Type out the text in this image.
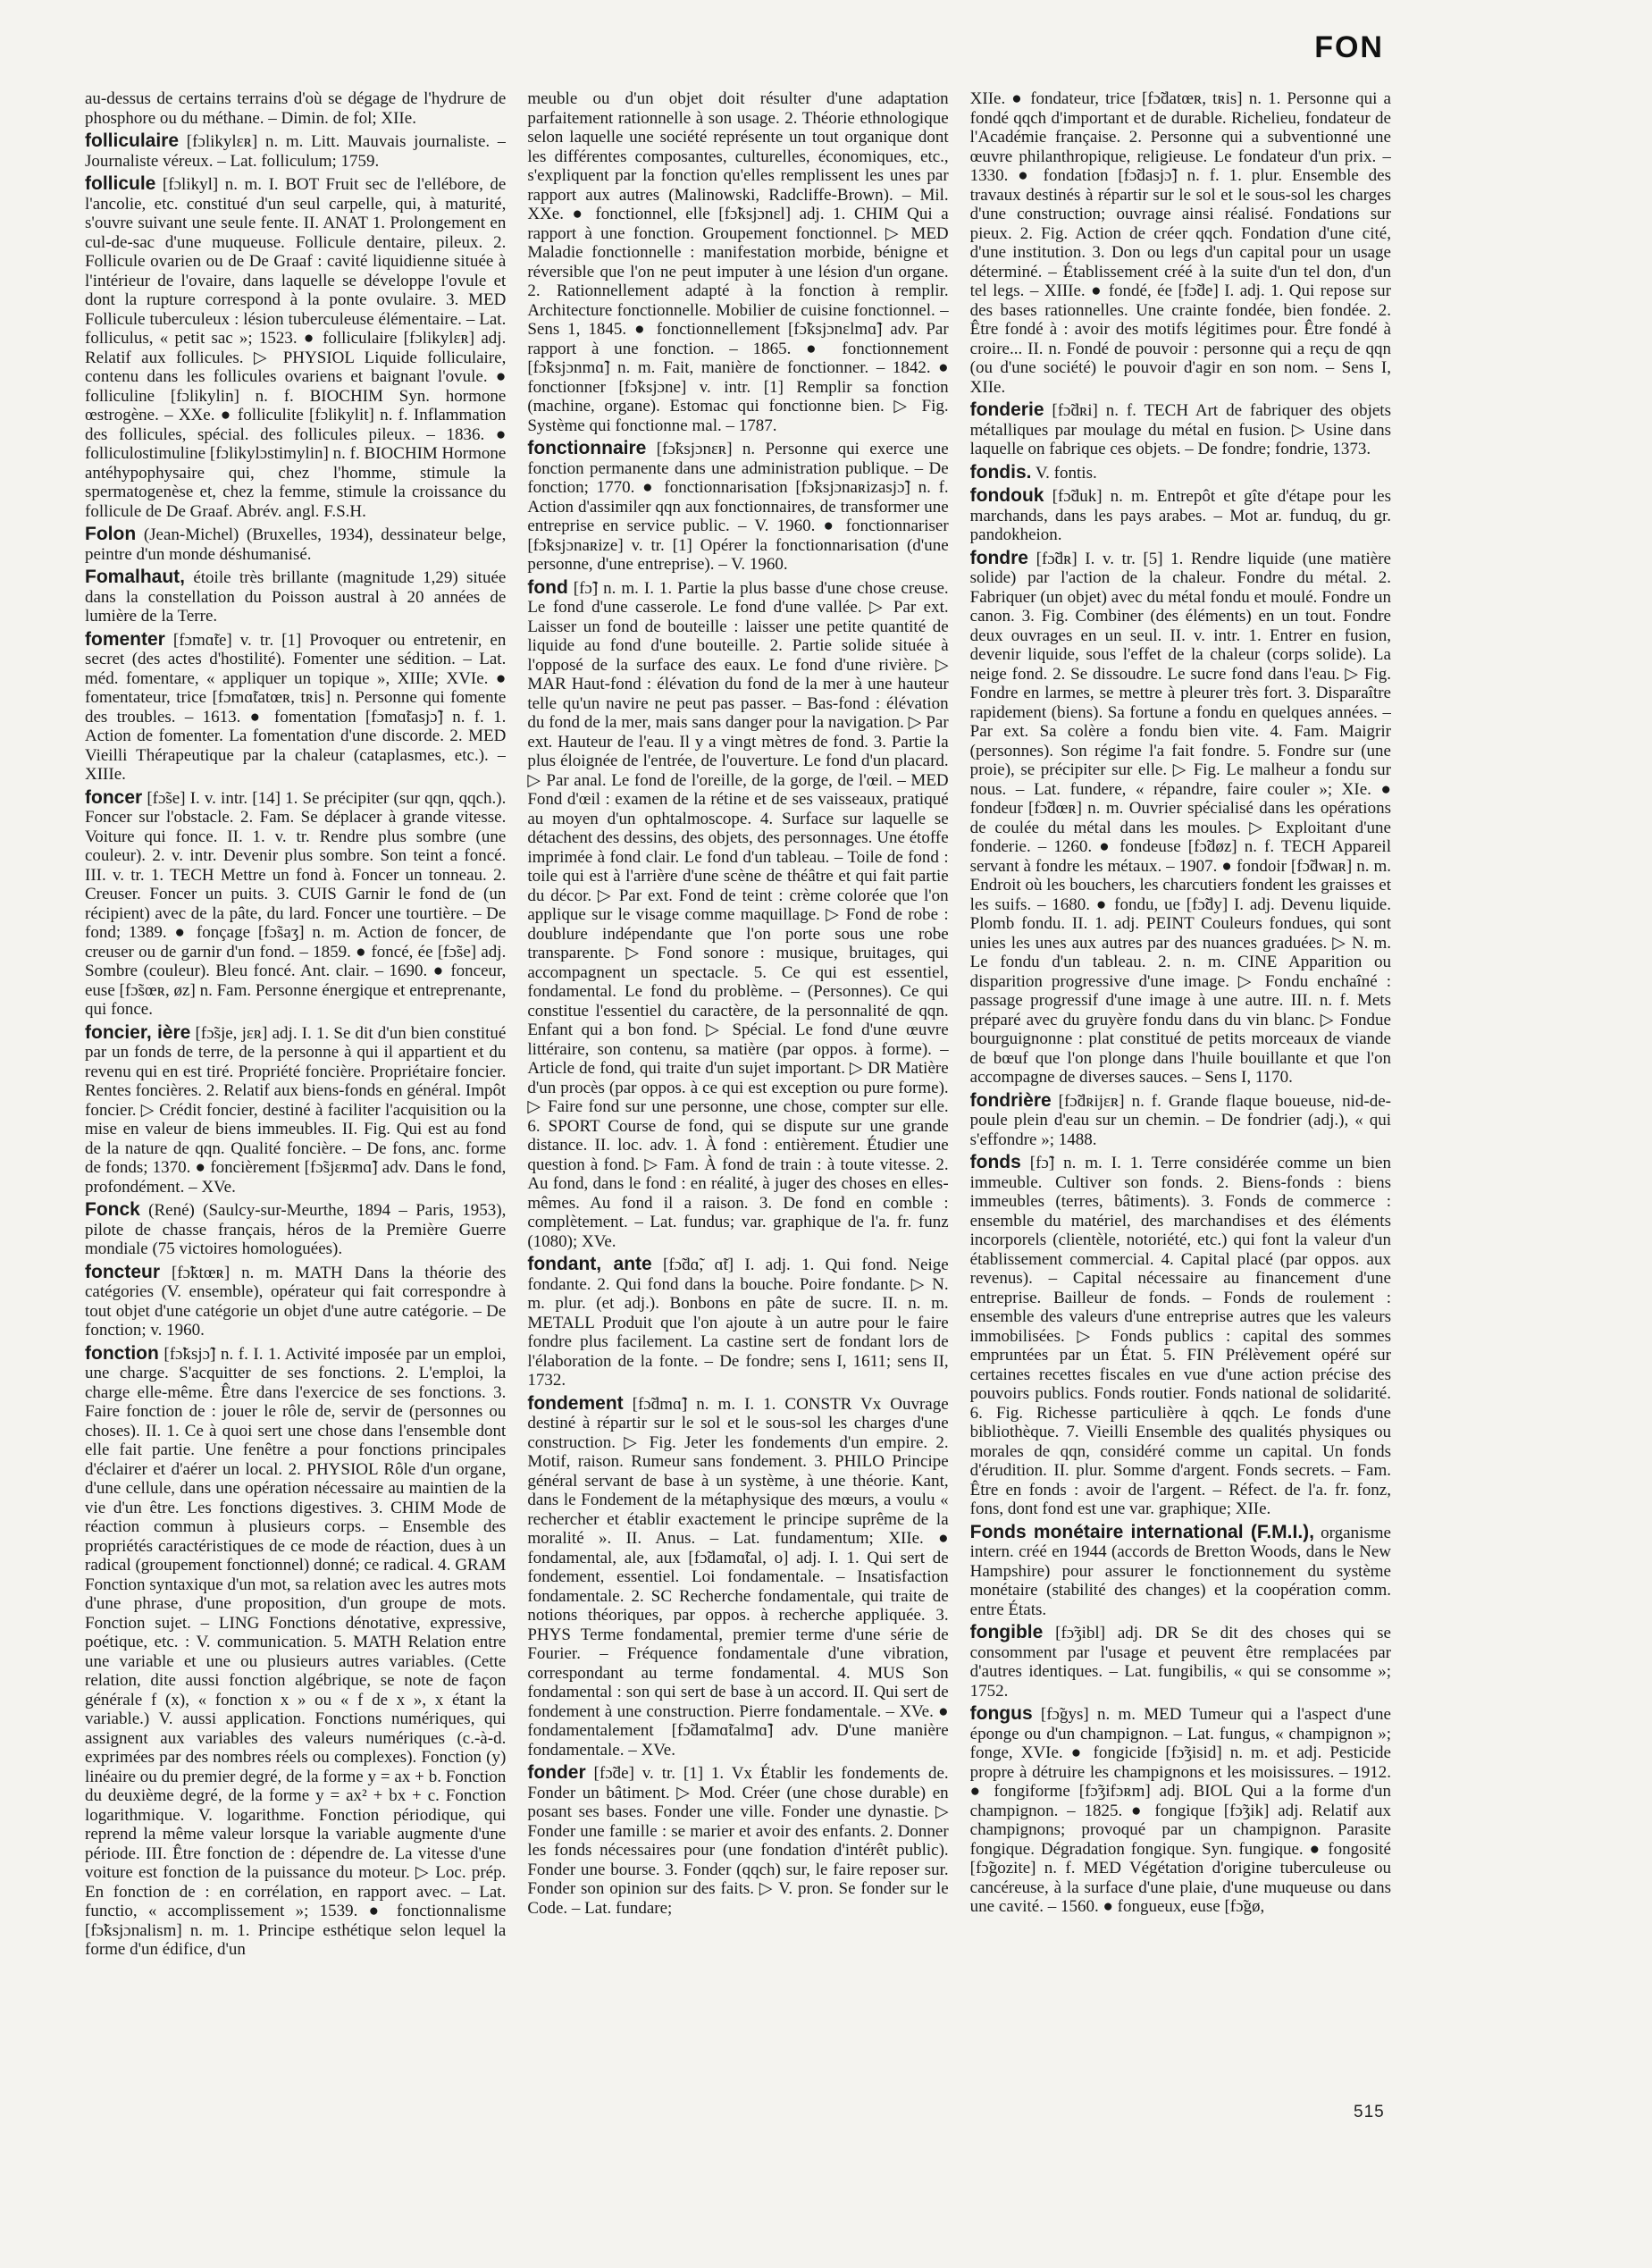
FON

au-dessus de certains terrains d'où se dégage de l'hydrure de phosphore ou du méthane. – Dimin. de fol; XIIe.

folliculaire [fɔlikylɛʀ] n. m. Litt. Mauvais journaliste. – Journaliste véreux. – Lat. folliculum; 1759.

follicule [fɔlikyl] n. m. I. BOT Fruit sec de l'ellébore, de l'ancolie, etc. constitué d'un seul carpelle, qui, à maturité, s'ouvre suivant une seule fente. II. ANAT 1. Prolongement en cul-de-sac d'une muqueuse. Follicule dentaire, pileux. 2. Follicule ovarien ou de De Graaf : cavité liquidienne située à l'intérieur de l'ovaire, dans laquelle se développe l'ovule et dont la rupture correspond à la ponte ovulaire. 3. MED Follicule tuberculeux : lésion tuberculeuse élémentaire. – Lat. folliculus, « petit sac »; 1523. ● folliculaire [fɔlikylɛʀ] adj. Relatif aux follicules. ▷ PHYSIOL Liquide folliculaire, contenu dans les follicules ovariens et baignant l'ovule. ● folliculine [fɔlikylin] n. f. BIOCHIM Syn. hormone œstrogène. – XXe. ● folliculite [fɔlikylit] n. f. Inflammation des follicules, spécial. des follicules pileux. – 1836. ● folliculostimuline [fɔlikylɔstimylin] n. f. BIOCHIM Hormone antéhypophysaire qui, chez l'homme, stimule la spermatogenèse et, chez la femme, stimule la croissance du follicule de De Graaf. Abrév. angl. F.S.H.

Folon (Jean-Michel) (Bruxelles, 1934), dessinateur belge, peintre d'un monde déshumanisé.

Fomalhaut, étoile très brillante (magnitude 1,29) située dans la constellation du Poisson austral à 20 années de lumière de la Terre.

fomenter [fɔmɑ̃te] v. tr. [1] Provoquer ou entretenir, en secret (des actes d'hostilité). Fomenter une sédition. – Lat. méd. fomentare, « appliquer un topique », XIIIe; XVIe. ● fomentateur, trice [fɔmɑ̃tatœʀ, tʀis] n. Personne qui fomente des troubles. – 1613. ● fomentation [fɔmɑ̃tasjɔ̃] n. f. 1. Action de fomenter. La fomentation d'une discorde. 2. MED Vieilli Thérapeutique par la chaleur (cataplasmes, etc.). – XIIIe.

foncer [fɔ̃se] I. v. intr. [14] 1. Se précipiter (sur qqn, qqch.). Foncer sur l'obstacle. 2. Fam. Se déplacer à grande vitesse. Voiture qui fonce. II. 1. v. tr. Rendre plus sombre (une couleur). 2. v. intr. Devenir plus sombre. Son teint a foncé. III. v. tr. 1. TECH Mettre un fond à. Foncer un tonneau. 2. Creuser. Foncer un puits. 3. CUIS Garnir le fond de (un récipient) avec de la pâte, du lard. Foncer une tourtière. – De fond; 1389. ● fonçage [fɔ̃saʒ] n. m. Action de foncer, de creuser ou de garnir d'un fond. – 1859. ● foncé, ée [fɔ̃se] adj. Sombre (couleur). Bleu foncé. Ant. clair. – 1690. ● fonceur, euse [fɔ̃sœʀ, øz] n. Fam. Personne énergique et entreprenante, qui fonce.

foncier, ière [fɔ̃sje, jɛʀ] adj. I. 1. Se dit d'un bien constitué par un fonds de terre, de la personne à qui il appartient et du revenu qui en est tiré. Propriété foncière. Propriétaire foncier. Rentes foncières. 2. Relatif aux biens-fonds en général. Impôt foncier. ▷ Crédit foncier, destiné à faciliter l'acquisition ou la mise en valeur de biens immeubles. II. Fig. Qui est au fond de la nature de qqn. Qualité foncière. – De fons, anc. forme de fonds; 1370. ● foncièrement [fɔ̃sjɛʀmɑ̃] adv. Dans le fond, profondément. – XVe.

Fonck (René) (Saulcy-sur-Meurthe, 1894 – Paris, 1953), pilote de chasse français, héros de la Première Guerre mondiale (75 victoires homologuées).

foncteur [fɔ̃ktœʀ] n. m. MATH Dans la théorie des catégories (V. ensemble), opérateur qui fait correspondre à tout objet d'une catégorie un objet d'une autre catégorie. – De fonction; v. 1960.

fonction [fɔ̃ksjɔ̃] n. f. I. 1. Activité imposée par un emploi, une charge. S'acquitter de ses fonctions. 2. L'emploi, la charge elle-même. Être dans l'exercice de ses fonctions. 3. Faire fonction de : jouer le rôle de, servir de (personnes ou choses). II. 1. Ce à quoi sert une chose dans l'ensemble dont elle fait partie. Une fenêtre a pour fonctions principales d'éclairer et d'aérer un local. 2. PHYSIOL Rôle d'un organe, d'une cellule, dans une opération nécessaire au maintien de la vie d'un être. Les fonctions digestives. 3. CHIM Mode de réaction commun à plusieurs corps. – Ensemble des propriétés caractéristiques de ce mode de réaction, dues à un radical (groupement fonctionnel) donné; ce radical. 4. GRAM Fonction syntaxique d'un mot, sa relation avec les autres mots d'une phrase, d'une proposition, d'un groupe de mots. Fonction sujet. – LING Fonctions dénotative, expressive, poétique, etc. : V. communication. 5. MATH Relation entre une variable et une ou plusieurs autres variables. (Cette relation, dite aussi fonction algébrique, se note de façon générale f (x), « fonction x » ou « f de x », x étant la variable.) V. aussi application. Fonctions numériques, qui assignent aux variables des valeurs numériques (c.-à-d. exprimées par des nombres réels ou complexes). Fonction (y) linéaire ou du premier degré, de la forme y = ax + b. Fonction du deuxième degré, de la forme y = ax² + bx + c. Fonction logarithmique. V. logarithme. Fonction périodique, qui reprend la même valeur lorsque la variable augmente d'une période. III. Être fonction de : dépendre de. La vitesse d'une voiture est fonction de la puissance du moteur. ▷ Loc. prép. En fonction de : en corrélation, en rapport avec. – Lat. functio, « accomplissement »; 1539. ● fonctionnalisme [fɔ̃ksjɔnalism] n. m. 1. Principe esthétique selon lequel la forme d'un édifice, d'un

meuble ou d'un objet doit résulter d'une adaptation parfaitement rationnelle à son usage. 2. Théorie ethnologique selon laquelle une société représente un tout organique dont les différentes composantes, culturelles, économiques, etc., s'expliquent par la fonction qu'elles remplissent les unes par rapport aux autres (Malinowski, Radcliffe-Brown). – Mil. XXe. ● fonctionnel, elle [fɔ̃ksjɔnɛl] adj. 1. CHIM Qui a rapport à une fonction. Groupement fonctionnel. ▷ MED Maladie fonctionnelle : manifestation morbide, bénigne et réversible que l'on ne peut imputer à une lésion d'un organe. 2. Rationnellement adapté à la fonction à remplir. Architecture fonctionnelle. Mobilier de cuisine fonctionnel. – Sens 1, 1845. ● fonctionnellement [fɔ̃ksjɔnɛlmɑ̃] adv. Par rapport à une fonction. – 1865. ● fonctionnement [fɔ̃ksjɔnmɑ̃] n. m. Fait, manière de fonctionner. – 1842. ● fonctionner [fɔ̃ksjɔne] v. intr. [1] Remplir sa fonction (machine, organe). Estomac qui fonctionne bien. ▷ Fig. Système qui fonctionne mal. – 1787.

fonctionnaire [fɔ̃ksjɔnɛʀ] n. Personne qui exerce une fonction permanente dans une administration publique. – De fonction; 1770. ● fonctionnarisation [fɔ̃ksjɔnaʀizasjɔ̃] n. f. Action d'assimiler qqn aux fonctionnaires, de transformer une entreprise en service public. – V. 1960. ● fonctionnariser [fɔ̃ksjɔnaʀize] v. tr. [1] Opérer la fonctionnarisation (d'une personne, d'une entreprise). – V. 1960.

fond [fɔ̃] n. m. I. 1. Partie la plus basse d'une chose creuse. Le fond d'une casserole. Le fond d'une vallée. ▷ Par ext. Laisser un fond de bouteille : laisser une petite quantité de liquide au fond d'une bouteille. 2. Partie solide située à l'opposé de la surface des eaux. Le fond d'une rivière. ▷ MAR Haut-fond : élévation du fond de la mer à une hauteur telle qu'un navire ne peut pas passer. – Bas-fond : élévation du fond de la mer, mais sans danger pour la navigation. ▷ Par ext. Hauteur de l'eau. Il y a vingt mètres de fond. 3. Partie la plus éloignée de l'entrée, de l'ouverture. Le fond d'un placard. ▷ Par anal. Le fond de l'oreille, de la gorge, de l'œil. – MED Fond d'œil : examen de la rétine et de ses vaisseaux, pratiqué au moyen d'un ophtalmoscope. 4. Surface sur laquelle se détachent des dessins, des objets, des personnages. Une étoffe imprimée à fond clair. Le fond d'un tableau. – Toile de fond : toile qui est à l'arrière d'une scène de théâtre et qui fait partie du décor. ▷ Par ext. Fond de teint : crème colorée que l'on applique sur le visage comme maquillage. ▷ Fond de robe : doublure indépendante que l'on porte sous une robe transparente. ▷ Fond sonore : musique, bruitages, qui accompagnent un spectacle. 5. Ce qui est essentiel, fondamental. Le fond du problème. – (Personnes). Ce qui constitue l'essentiel du caractère, de la personnalité de qqn. Enfant qui a bon fond. ▷ Spécial. Le fond d'une œuvre littéraire, son contenu, sa matière (par oppos. à forme). – Article de fond, qui traite d'un sujet important. ▷ DR Matière d'un procès (par oppos. à ce qui est exception ou pure forme). ▷ Faire fond sur une personne, une chose, compter sur elle. 6. SPORT Course de fond, qui se dispute sur une grande distance. II. loc. adv. 1. À fond : entièrement. Étudier une question à fond. ▷ Fam. À fond de train : à toute vitesse. 2. Au fond, dans le fond : en réalité, à juger des choses en elles-mêmes. Au fond il a raison. 3. De fond en comble : complètement. – Lat. fundus; var. graphique de l'a. fr. funz (1080); XVe.

fondant, ante [fɔ̃dɑ̃, ɑ̃t] I. adj. 1. Qui fond. Neige fondante. 2. Qui fond dans la bouche. Poire fondante. ▷ N. m. plur. (et adj.). Bonbons en pâte de sucre. II. n. m. METALL Produit que l'on ajoute à un autre pour le faire fondre plus facilement. La castine sert de fondant lors de l'élaboration de la fonte. – De fondre; sens I, 1611; sens II, 1732.

fondement [fɔ̃dmɑ̃] n. m. I. 1. CONSTR Vx Ouvrage destiné à répartir sur le sol et le sous-sol les charges d'une construction. ▷ Fig. Jeter les fondements d'un empire. 2. Motif, raison. Rumeur sans fondement. 3. PHILO Principe général servant de base à un système, à une théorie. Kant, dans le Fondement de la métaphysique des mœurs, a voulu « rechercher et établir exactement le principe suprême de la moralité ». II. Anus. – Lat. fundamentum; XIIe. ● fondamental, ale, aux [fɔ̃damɑ̃tal, o] adj. I. 1. Qui sert de fondement, essentiel. Loi fondamentale. – Insatisfaction fondamentale. 2. SC Recherche fondamentale, qui traite de notions théoriques, par oppos. à recherche appliquée. 3. PHYS Terme fondamental, premier terme d'une série de Fourier. – Fréquence fondamentale d'une vibration, correspondant au terme fondamental. 4. MUS Son fondamental : son qui sert de base à un accord. II. Qui sert de fondement à une construction. Pierre fondamentale. – XVe. ● fondamentalement [fɔ̃damɑ̃talmɑ̃] adv. D'une manière fondamentale. – XVe.

fonder [fɔ̃de] v. tr. [1] 1. Vx Établir les fondements de. Fonder un bâtiment. ▷ Mod. Créer (une chose durable) en posant ses bases. Fonder une ville. Fonder une dynastie. ▷ Fonder une famille : se marier et avoir des enfants. 2. Donner les fonds nécessaires pour (une fondation d'intérêt public). Fonder une bourse. 3. Fonder (qqch) sur, le faire reposer sur. Fonder son opinion sur des faits. ▷ V. pron. Se fonder sur le Code. – Lat. fundare;

XIIe. ● fondateur, trice [fɔ̃datœʀ, tʀis] n. 1. Personne qui a fondé qqch d'important et de durable. Richelieu, fondateur de l'Académie française. 2. Personne qui a subventionné une œuvre philanthropique, religieuse. Le fondateur d'un prix. – 1330. ● fondation [fɔ̃dasjɔ̃] n. f. 1. plur. Ensemble des travaux destinés à répartir sur le sol et le sous-sol les charges d'une construction; ouvrage ainsi réalisé. Fondations sur pieux. 2. Fig. Action de créer qqch. Fondation d'une cité, d'une institution. 3. Don ou legs d'un capital pour un usage déterminé. – Établissement créé à la suite d'un tel don, d'un tel legs. – XIIIe. ● fondé, ée [fɔ̃de] I. adj. 1. Qui repose sur des bases rationnelles. Une crainte fondée, bien fondée. 2. Être fondé à : avoir des motifs légitimes pour. Être fondé à croire... II. n. Fondé de pouvoir : personne qui a reçu de qqn (ou d'une société) le pouvoir d'agir en son nom. – Sens I, XIIe.

fonderie [fɔ̃dʀi] n. f. TECH Art de fabriquer des objets métalliques par moulage du métal en fusion. ▷ Usine dans laquelle on fabrique ces objets. – De fondre; fondrie, 1373.

fondis. V. fontis.

fondouk [fɔ̃duk] n. m. Entrepôt et gîte d'étape pour les marchands, dans les pays arabes. – Mot ar. funduq, du gr. pandokheion.

fondre [fɔ̃dʀ] I. v. tr. [5] 1. Rendre liquide (une matière solide) par l'action de la chaleur. Fondre du métal. 2. Fabriquer (un objet) avec du métal fondu et moulé. Fondre un canon. 3. Fig. Combiner (des éléments) en un tout. Fondre deux ouvrages en un seul. II. v. intr. 1. Entrer en fusion, devenir liquide, sous l'effet de la chaleur (corps solide). La neige fond. 2. Se dissoudre. Le sucre fond dans l'eau. ▷ Fig. Fondre en larmes, se mettre à pleurer très fort. 3. Disparaître rapidement (biens). Sa fortune a fondu en quelques années. – Par ext. Sa colère a fondu bien vite. 4. Fam. Maigrir (personnes). Son régime l'a fait fondre. 5. Fondre sur (une proie), se précipiter sur elle. ▷ Fig. Le malheur a fondu sur nous. – Lat. fundere, « répandre, faire couler »; XIe. ● fondeur [fɔ̃dœʀ] n. m. Ouvrier spécialisé dans les opérations de coulée du métal dans les moules. ▷ Exploitant d'une fonderie. – 1260. ● fondeuse [fɔ̃døz] n. f. TECH Appareil servant à fondre les métaux. – 1907. ● fondoir [fɔ̃dwaʀ] n. m. Endroit où les bouchers, les charcutiers fondent les graisses et les suifs. – 1680. ● fondu, ue [fɔ̃dy] I. adj. Devenu liquide. Plomb fondu. II. 1. adj. PEINT Couleurs fondues, qui sont unies les unes aux autres par des nuances graduées. ▷ N. m. Le fondu d'un tableau. 2. n. m. CINE Apparition ou disparition progressive d'une image. ▷ Fondu enchaîné : passage progressif d'une image à une autre. III. n. f. Mets préparé avec du gruyère fondu dans du vin blanc. ▷ Fondue bourguignonne : plat constitué de petits morceaux de viande de bœuf que l'on plonge dans l'huile bouillante et que l'on accompagne de diverses sauces. – Sens I, 1170.

fondrière [fɔ̃dʀijɛʀ] n. f. Grande flaque boueuse, nid-de-poule plein d'eau sur un chemin. – De fondrier (adj.), « qui s'effondre »; 1488.

fonds [fɔ̃] n. m. I. 1. Terre considérée comme un bien immeuble. Cultiver son fonds. 2. Biens-fonds : biens immeubles (terres, bâtiments). 3. Fonds de commerce : ensemble du matériel, des marchandises et des éléments incorporels (clientèle, notoriété, etc.) qui font la valeur d'un établissement commercial. 4. Capital placé (par oppos. aux revenus). – Capital nécessaire au financement d'une entreprise. Bailleur de fonds. – Fonds de roulement : ensemble des valeurs d'une entreprise autres que les valeurs immobilisées. ▷ Fonds publics : capital des sommes empruntées par un État. 5. FIN Prélèvement opéré sur certaines recettes fiscales en vue d'une action précise des pouvoirs publics. Fonds routier. Fonds national de solidarité. 6. Fig. Richesse particulière à qqch. Le fonds d'une bibliothèque. 7. Vieilli Ensemble des qualités physiques ou morales de qqn, considéré comme un capital. Un fonds d'érudition. II. plur. Somme d'argent. Fonds secrets. – Fam. Être en fonds : avoir de l'argent. – Réfect. de l'a. fr. fonz, fons, dont fond est une var. graphique; XIIe.

Fonds monétaire international (F.M.I.), organisme intern. créé en 1944 (accords de Bretton Woods, dans le New Hampshire) pour assurer le fonctionnement du système monétaire (stabilité des changes) et la coopération comm. entre États.

fongible [fɔ̃ʒibl] adj. DR Se dit des choses qui se consomment par l'usage et peuvent être remplacées par d'autres identiques. – Lat. fungibilis, « qui se consomme »; 1752.

fongus [fɔ̃gys] n. m. MED Tumeur qui a l'aspect d'une éponge ou d'un champignon. – Lat. fungus, « champignon »; fonge, XVIe. ● fongicide [fɔ̃ʒisid] n. m. et adj. Pesticide propre à détruire les champignons et les moisissures. – 1912. ● fongiforme [fɔ̃ʒifɔʀm] adj. BIOL Qui a la forme d'un champignon. – 1825. ● fongique [fɔ̃ʒik] adj. Relatif aux champignons; provoqué par un champignon. Parasite fongique. Dégradation fongique. Syn. fungique. ● fongosité [fɔ̃gozite] n. f. MED Végétation d'origine tuberculeuse ou cancéreuse, à la surface d'une plaie, d'une muqueuse ou dans une cavité. – 1560. ● fongueux, euse [fɔ̃gø,

515
